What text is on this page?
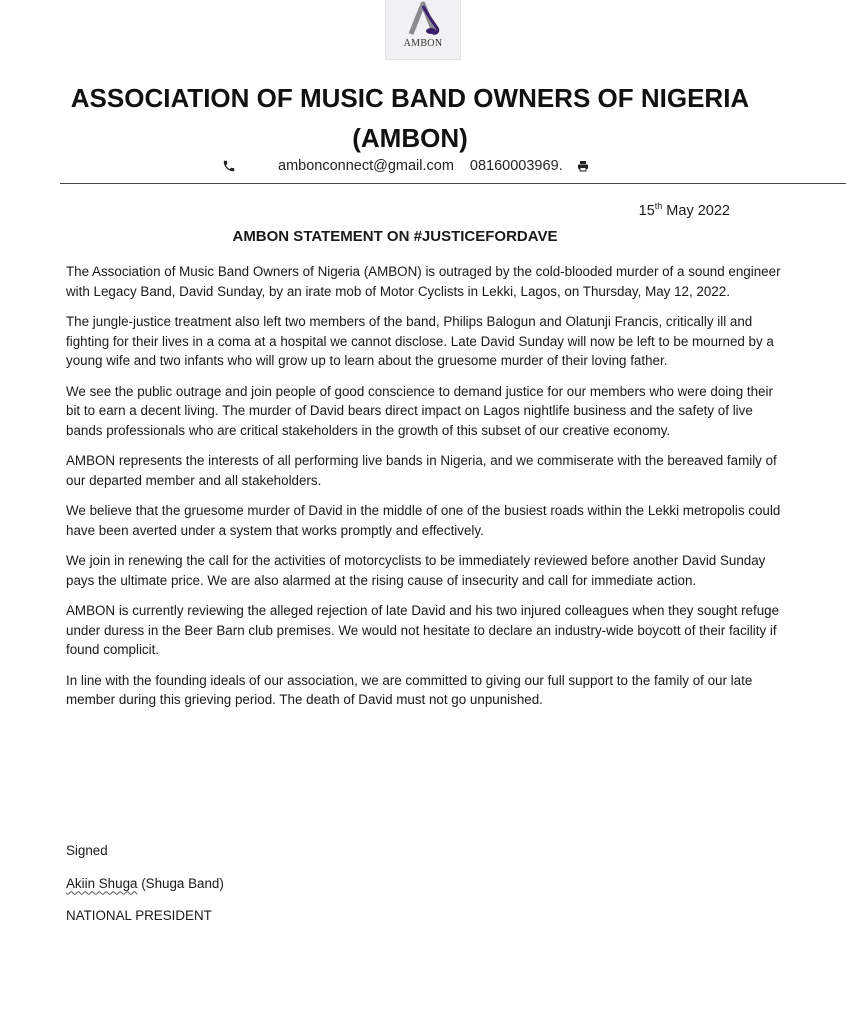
AMBON
ASSOCIATION OF MUSIC BAND OWNERS OF NIGERIA (AMBON)
ambonconnect@gmail.com 08160003969.
15th May 2022
AMBON STATEMENT ON #JUSTICEFORDAVE

The Association of Music Band Owners of Nigeria (AMBON) is outraged by the cold-blooded murder of a sound engineer with Legacy Band, David Sunday, by an irate mob of Motor Cyclists in Lekki, Lagos, on Thursday, May 12, 2022.

The jungle-justice treatment also left two members of the band, Philips Balogun and Olatunji Francis, critically ill and fighting for their lives in a coma at a hospital we cannot disclose. Late David Sunday will now be left to be mourned by a young wife and two infants who will grow up to learn about the gruesome murder of their loving father.

We see the public outrage and join people of good conscience to demand justice for our members who were doing their bit to earn a decent living. The murder of David bears direct impact on Lagos nightlife business and the safety of live bands professionals who are critical stakeholders in the growth of this subset of our creative economy.

AMBON represents the interests of all performing live bands in Nigeria, and we commiserate with the bereaved family of our departed member and all stakeholders.

We believe that the gruesome murder of David in the middle of one of the busiest roads within the Lekki metropolis could have been averted under a system that works promptly and effectively.

We join in renewing the call for the activities of motorcyclists to be immediately reviewed before another David Sunday pays the ultimate price. We are also alarmed at the rising cause of insecurity and call for immediate action.

AMBON is currently reviewing the alleged rejection of late David and his two injured colleagues when they sought refuge under duress in the Beer Barn club premises. We would not hesitate to declare an industry-wide boycott of their facility if found complicit.

In line with the founding ideals of our association, we are committed to giving our full support to the family of our late member during this grieving period. The death of David must not go unpunished.

Signed
Akiin Shuga (Shuga Band)
NATIONAL PRESIDENT
